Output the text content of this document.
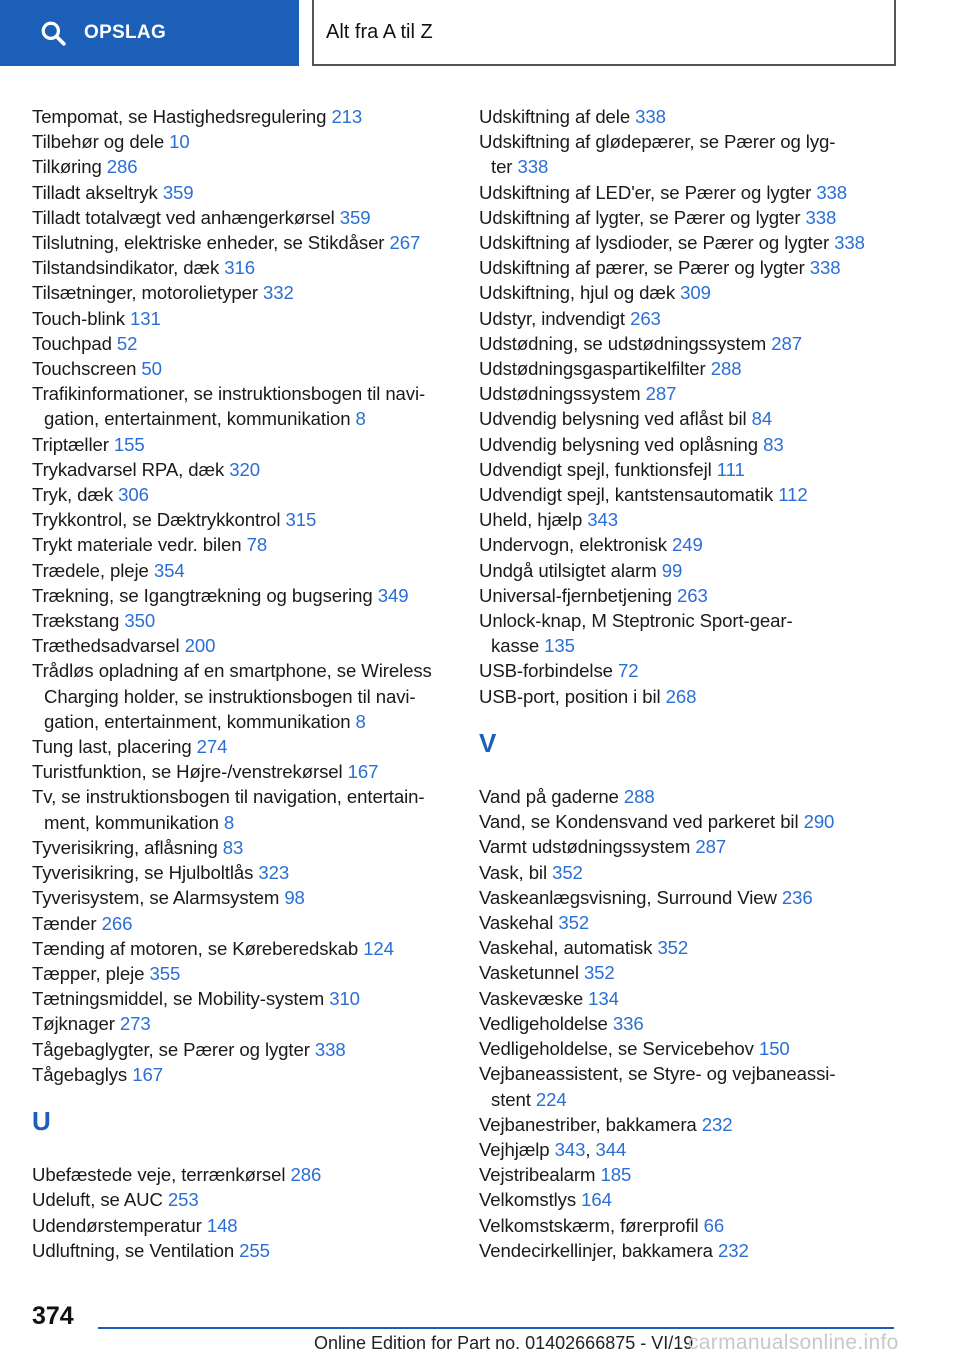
OPSLAG	Alt fra A til Z
Tempomat, se Hastighedsregulering 213
Tilbehør og dele 10
Tilkøring 286
Tilladt akseltryk 359
Tilladt totalvægt ved anhængerkørsel 359
Tilslutning, elektriske enheder, se Stikdåser 267
Tilstandsindikator, dæk 316
Tilsætninger, motorolietyper 332
Touch-blink 131
Touchpad 52
Touchscreen 50
Trafikinformationer, se instruktionsbogen til navi-
gation, entertainment, kommunikation 8
Triptæller 155
Trykadvarsel RPA, dæk 320
Tryk, dæk 306
Trykkontrol, se Dæktrykkontrol 315
Trykt materiale vedr. bilen 78
Trædele, pleje 354
Trækning, se Igangtrækning og bugsering 349
Trækstang 350
Træthedsadvarsel 200
Trådløs opladning af en smartphone, se Wireless
Charging holder, se instruktionsbogen til navi-
gation, entertainment, kommunikation 8
Tung last, placering 274
Turistfunktion, se Højre-/venstrekørsel 167
Tv, se instruktionsbogen til navigation, entertain-
ment, kommunikation 8
Tyverisikring, aflåsning 83
Tyverisikring, se Hjulboltlås 323
Tyverisystem, se Alarmsystem 98
Tænder 266
Tænding af motoren, se Køreberedskab 124
Tæpper, pleje 355
Tætningsmiddel, se Mobility-system 310
Tøjknager 273
Tågebaglygter, se Pærer og lygter 338
Tågebaglys 167
U
Ubefæstede veje, terrænkørsel 286
Udeluft, se AUC 253
Udendørstemperatur 148
Udluftning, se Ventilation 255
Udskiftning af dele 338
Udskiftning af glødepærer, se Pærer og lyg-
ter 338
Udskiftning af LED'er, se Pærer og lygter 338
Udskiftning af lygter, se Pærer og lygter 338
Udskiftning af lysdioder, se Pærer og lygter 338
Udskiftning af pærer, se Pærer og lygter 338
Udskiftning, hjul og dæk 309
Udstyr, indvendigt 263
Udstødning, se udstødningssystem 287
Udstødningsgaspartikelfilter 288
Udstødningssystem 287
Udvendig belysning ved aflåst bil 84
Udvendig belysning ved oplåsning 83
Udvendigt spejl, funktionsfejl 111
Udvendigt spejl, kantstensautomatik 112
Uheld, hjælp 343
Undervogn, elektronisk 249
Undgå utilsigtet alarm 99
Universal-fjernbetjening 263
Unlock-knap, M Steptronic Sport-gear-
kasse 135
USB-forbindelse 72
USB-port, position i bil 268
V
Vand på gaderne 288
Vand, se Kondensvand ved parkeret bil 290
Varmt udstødningssystem 287
Vask, bil 352
Vaskeanlægsvisning, Surround View 236
Vaskehal 352
Vaskehal, automatisk 352
Vasketunnel 352
Vaskevæske 134
Vedligeholdelse 336
Vedligeholdelse, se Servicebehov 150
Vejbaneassistent, se Styre- og vejbaneassi-
stent 224
Vejbanestriber, bakkamera 232
Vejhjælp 343, 344
Vejstribealarm 185
Velkomstlys 164
Velkomstskærm, førerprofil 66
Vendecirkellinjer, bakkamera 232
374
Online Edition for Part no. 01402666875 - VI/19
carmanualsonline.info
